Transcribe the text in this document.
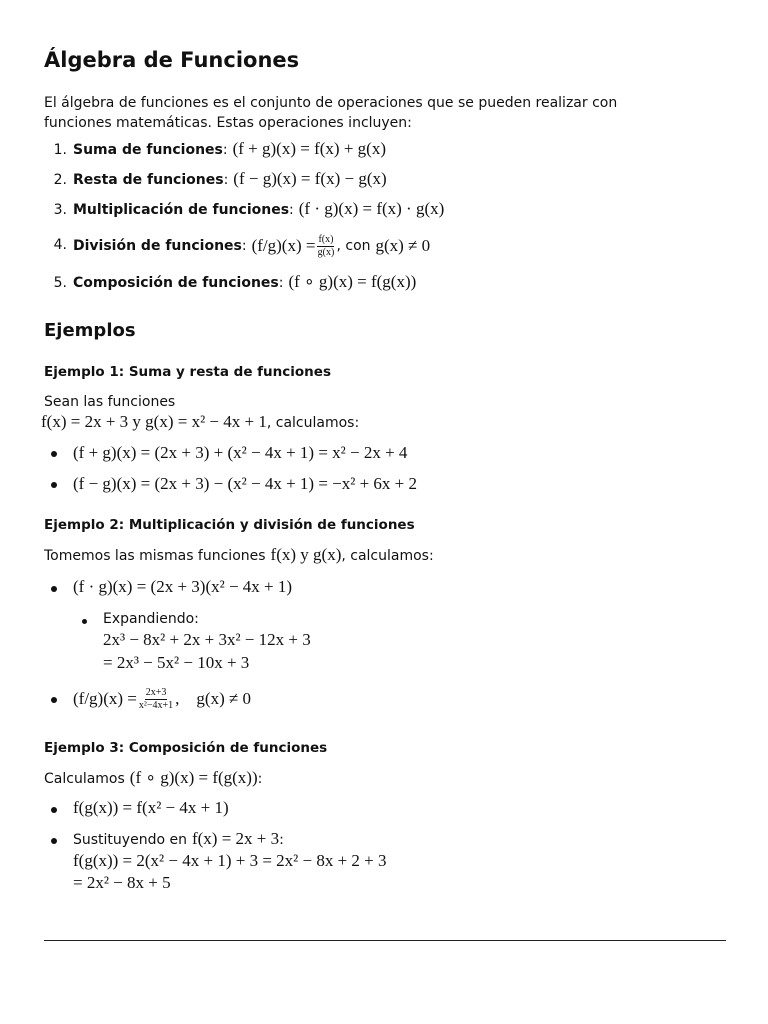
Álgebra de Funciones
El álgebra de funciones es el conjunto de operaciones que se pueden realizar con funciones matemáticas. Estas operaciones incluyen:
1. Suma de funciones : (f + g)(x) = f(x) + g(x)
2. Resta de funciones : (f − g)(x) = f(x) − g(x)
3. Multiplicación de funciones : (f · g)(x) = f(x) · g(x)
4. División de funciones : $(f/g)(x) = \frac{f(x)}{g(x)}$ , con g(x) ≠ 0
5. Composición de funciones : (f ∘ g)(x) = f(g(x))
Ejemplos
Ejemplo 1: Suma y resta de funciones
Sean las funciones
f(x) = 2x + 3 y g(x) = x² − 4x + 1 , calculamos:
(f + g)(x) = (2x + 3) + (x² − 4x + 1) = x² − 2x + 4
(f − g)(x) = (2x + 3) − (x² − 4x + 1) = −x² + 6x + 2
Ejemplo 2: Multiplicación y división de funciones
Tomemos las mismas funciones f(x) y g(x) , calculamos:
(f · g)(x) = (2x + 3)(x² − 4x + 1)
Expandiendo:
2x³ − 8x² + 2x + 3x² − 12x + 3
= 2x³ − 5x² − 10x + 3
$(f/g)(x) = \frac{2x+3}{\text{x²−4x+1}}$ ,    g(x) ≠ 0
Ejemplo 3: Composición de funciones
Calculamos (f ∘ g)(x) = f(g(x)) :
f(g(x)) = f(x² − 4x + 1)
Sustituyendo en f(x) = 2x + 3 :
f(g(x)) = 2(x² − 4x + 1) + 3 = 2x² − 8x + 2 + 3
= 2x² − 8x + 5
